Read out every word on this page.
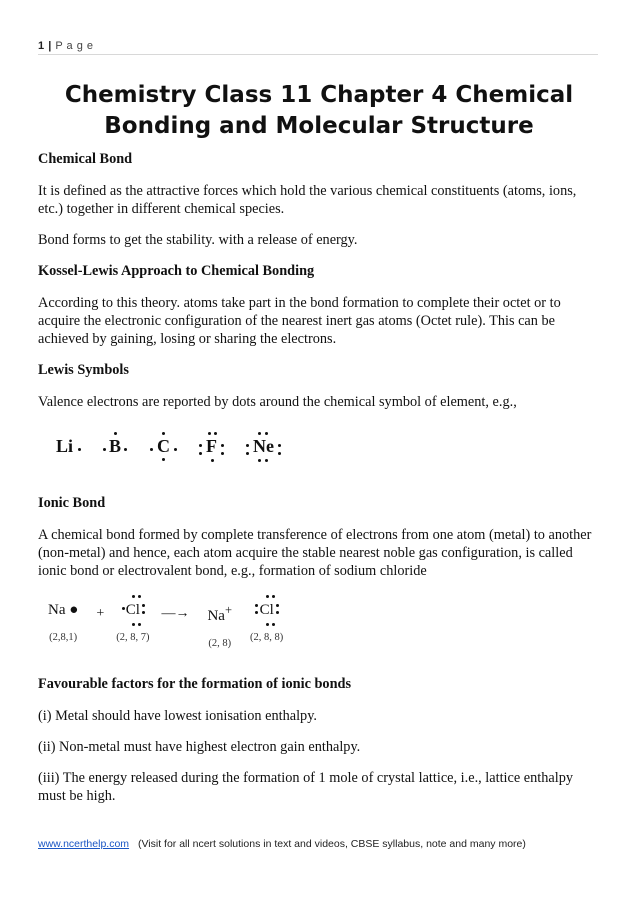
1 | P a g e
Chemistry Class 11 Chapter 4 Chemical Bonding and Molecular Structure
Chemical Bond

It is defined as the attractive forces which hold the various chemical constituents (atoms, ions, etc.) together in different chemical species.

Bond forms to get the stability. with a release of energy.

Kossel-Lewis Approach to Chemical Bonding

According to this theory. atoms take part in the bond formation to complete their octet or to acquire the electronic configuration of the nearest inert gas atoms (Octet rule). This can be achieved by gaining, losing or sharing the electrons.

Lewis Symbols

Valence electrons are reported by dots around the chemical symbol of element, e.g.,

Li	B	C	F	Ne
Ionic Bond

A chemical bond formed by complete transference of electrons from one atom (metal) to another (non-metal) and hence, each atom acquire the stable nearest noble gas configuration, is called ionic bond or electrovalent bond, e.g., formation of sodium chloride

Na ●
(2,8,1)
+	Cl
(2, 8, 7)
—→	Na+
(2, 8)
Cl
(2, 8, 8)
Favourable factors for the formation of ionic bonds

(i) Metal should have lowest ionisation enthalpy.

(ii) Non-metal must have highest electron gain enthalpy.

(iii) The energy released during the formation of 1 mole of crystal lattice, i.e., lattice enthalpy must be high.

www.ncerthelp.com (Visit for all ncert solutions in text and videos, CBSE syllabus, note and many more)
